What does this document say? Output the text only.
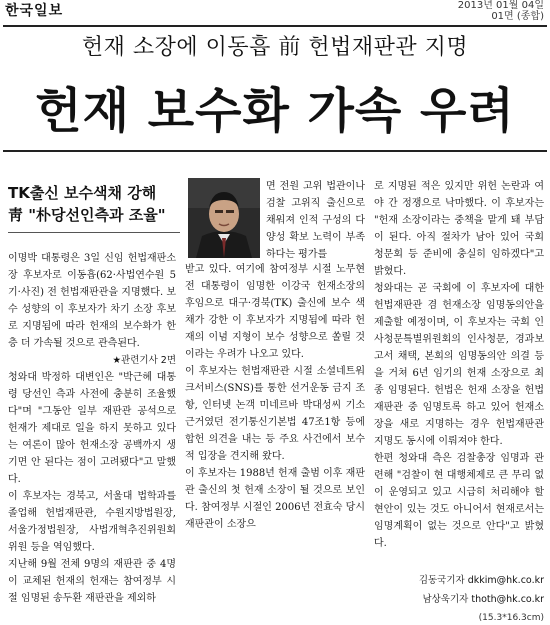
한국일보	2013년 01월 04일
01면 (종합)
헌재 소장에 이동흡 前 헌법재판관 지명
헌재 보수화 가속 우려
TK출신 보수색채 강해
靑 "朴당선인측과 조율"

이명박 대통령은 3일 신임 헌법재판소장 후보자로 이동흡(62·사법연수원 5기·사진) 전 헌법재판관을 지명했다. 보수 성향의 이 후보자가 차기 소장 후보로 지명됨에 따라 헌재의 보수화가 한층 더 가속될 것으로 관측된다.

★관련기사 2면

청와대 박정하 대변인은 "박근혜 대통령 당선인 측과 사전에 충분히 조율했다"며 "그동안 일부 재판관 공석으로 헌재가 제대로 일을 하지 못하고 있다는 여론이 많아 헌재소장 공백까지 생기면 안 된다는 점이 고려됐다"고 말했다.

이 후보자는 경북고, 서울대 법학과를 졸업해 헌법재판관, 수원지방법원장, 서울가정법원장, 사법개혁추진위원회 위원 등을 역임했다.

지난해 9월 전체 9명의 재판관 중 4명이 교체된 헌재의 헌재는 참여정부 시절 임명된 송두환 재판관을 제외하

면 전원 고위 법관이나 검찰 고위직 출신으로 채워져 인적 구성의 다양성 확보 노력이 부족하다는 평가를

받고 있다. 여기에 참여정부 시절 노무현 전 대통령이 임명한 이강국 헌재소장의 후임으로 대구·경북(TK) 출신에 보수 색채가 강한 이 후보자가 지명됨에 따라 헌재의 이념 지형이 보수 성향으로 쏠릴 것이라는 우려가 나오고 있다.

이 후보자는 헌법재판관 시절 소셜네트워크서비스(SNS)를 통한 선거운동 금지 조항, 인터넷 논객 미네르바 박대성씨 기소 근거였던 전기통신기본법 47조1항 등에 합헌 의견을 내는 등 주요 사건에서 보수적 입장을 견지해 왔다.

이 후보자는 1988년 헌재 출범 이후 재판관 출신의 첫 헌재 소장이 될 것으로 보인다. 참여정부 시절인 2006년 전효숙 당시 재판관이 소장으

로 지명된 적은 있지만 위헌 논란과 여야 간 정쟁으로 낙마했다. 이 후보자는 "헌재 소장이라는 중책을 맡게 돼 부담이 된다. 아직 절차가 남아 있어 국회 청문회 등 준비에 충실히 임하겠다"고 밝혔다.

청와대는 곧 국회에 이 후보자에 대한 헌법재판관 겸 헌재소장 임명동의안을 제출할 예정이며, 이 후보자는 국회 인사청문특별위원회의 인사청문, 경과보고서 채택, 본회의 임명동의안 의결 등을 거쳐 6년 임기의 헌재 소장으로 최종 임명된다. 헌법은 헌재 소장을 헌법재판관 중 임명토록 하고 있어 헌재소장을 새로 지명하는 경우 헌법재판관 지명도 동시에 이뤄져야 한다.

한편 청와대 측은 검찰총장 임명과 관련해 "검찰이 현 대행체제로 큰 무리 없이 운영되고 있고 시급히 처리해야 할 현안이 있는 것도 아니어서 현재로서는 임명계획이 없는 것으로 안다"고 밝혔다.

김동국기자 dkkim@hk.co.kr
남상욱기자 thoth@hk.co.kr
(15.3*16.3cm)
